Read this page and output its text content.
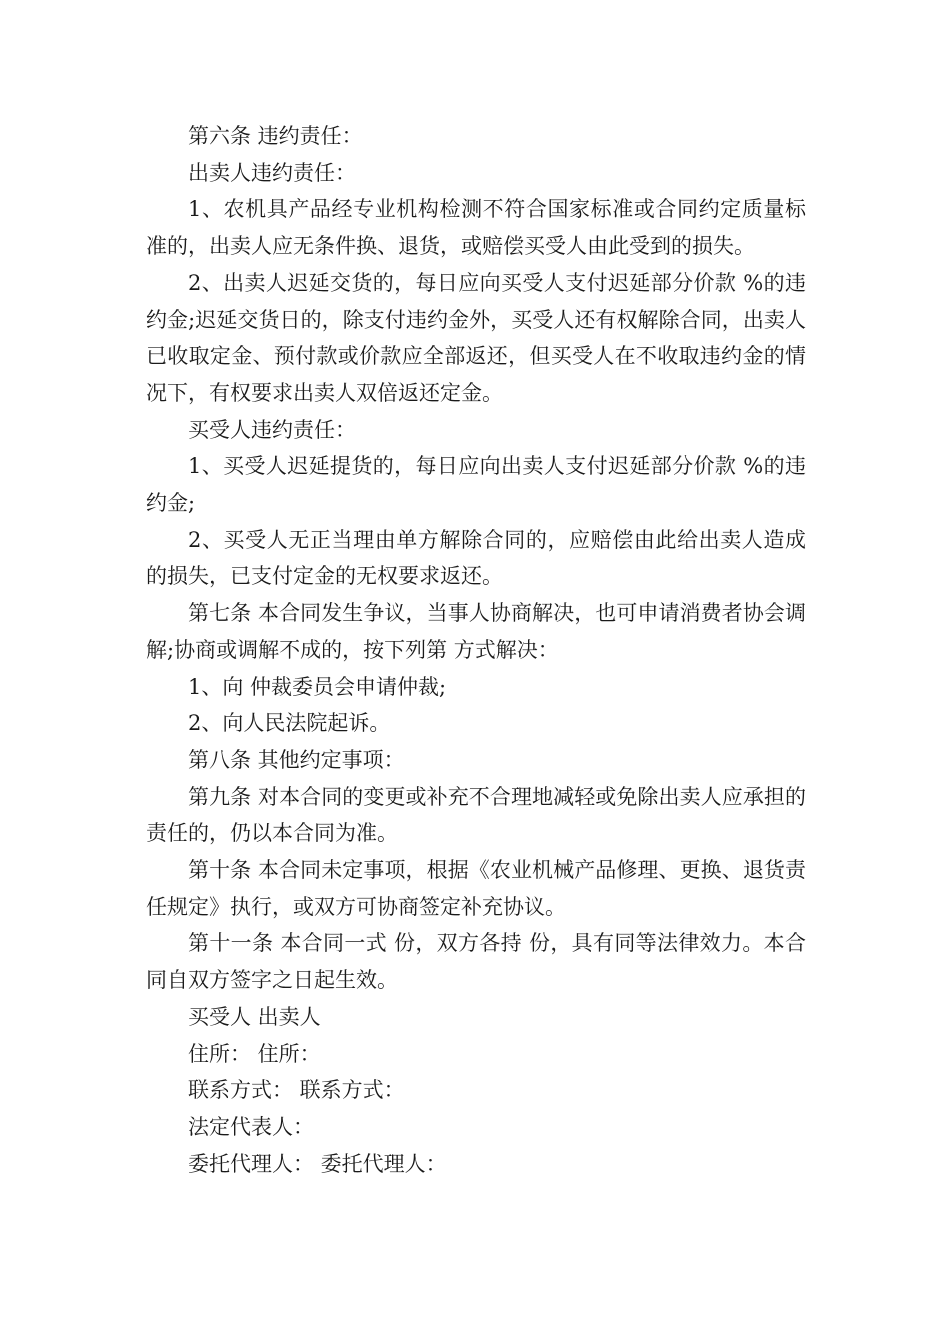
第六条 违约责任：

出卖人违约责任：

1、农机具产品经专业机构检测不符合国家标准或合同约定质量标准的，出卖人应无条件换、退货，或赔偿买受人由此受到的损失。

2、出卖人迟延交货的，每日应向买受人支付迟延部分价款 %的违约金;迟延交货日的，除支付违约金外，买受人还有权解除合同，出卖人已收取定金、预付款或价款应全部返还，但买受人在不收取违约金的情况下，有权要求出卖人双倍返还定金。

买受人违约责任：

1、买受人迟延提货的，每日应向出卖人支付迟延部分价款 %的违约金;

2、买受人无正当理由单方解除合同的，应赔偿由此给出卖人造成的损失，已支付定金的无权要求返还。

第七条 本合同发生争议，当事人协商解决，也可申请消费者协会调解;协商或调解不成的，按下列第 方式解决：

1、向 仲裁委员会申请仲裁;

2、向人民法院起诉。

第八条 其他约定事项：

第九条 对本合同的变更或补充不合理地减轻或免除出卖人应承担的责任的，仍以本合同为准。

第十条 本合同未定事项，根据《农业机械产品修理、更换、退货责任规定》执行，或双方可协商签定补充协议。

第十一条 本合同一式 份，双方各持 份，具有同等法律效力。本合同自双方签字之日起生效。

买受人 出卖人

住所： 住所：

联系方式： 联系方式：

法定代表人：

委托代理人： 委托代理人：
